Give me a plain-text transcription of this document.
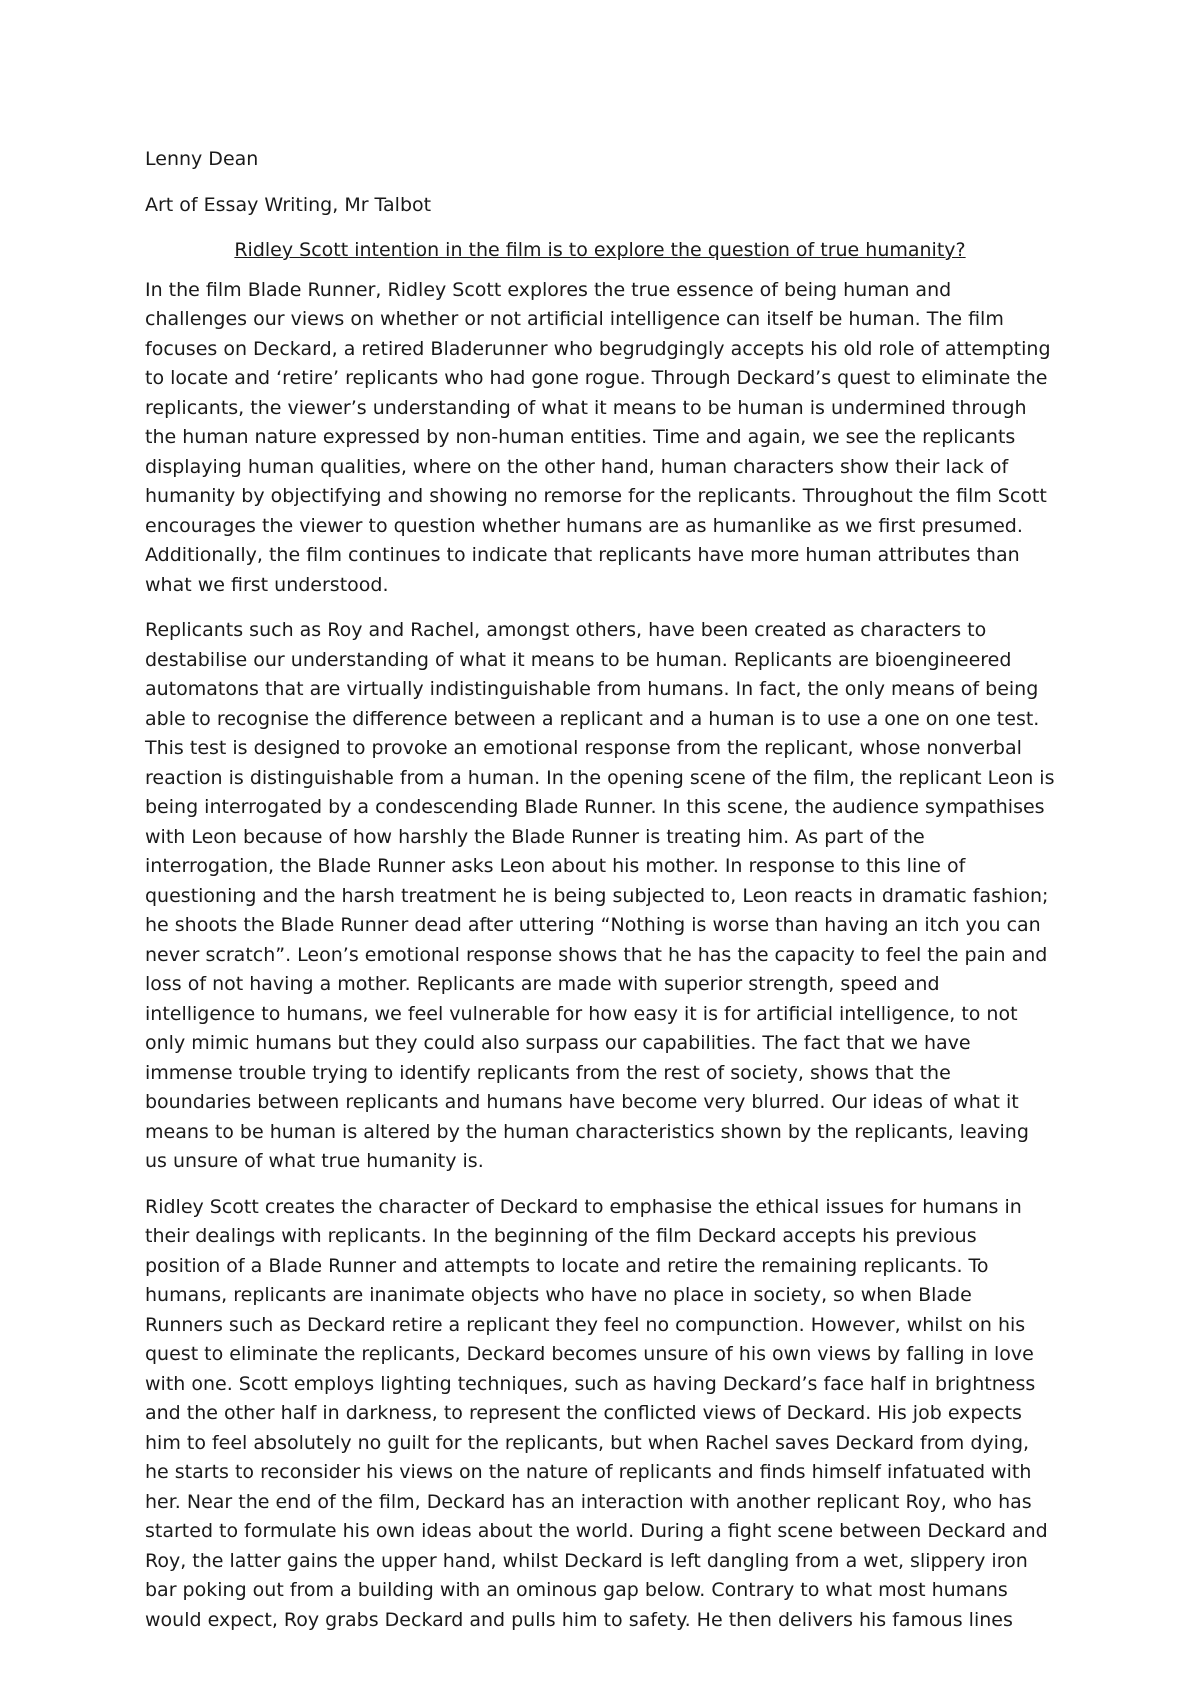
Lenny Dean

Art of Essay Writing, Mr Talbot

Ridley Scott intention in the film is to explore the question of true humanity?

In the film Blade Runner, Ridley Scott explores the true essence of being human and challenges our views on whether or not artificial intelligence can itself be human. The film focuses on Deckard, a retired Bladerunner who begrudgingly accepts his old role of attempting to locate and ‘retire’ replicants who had gone rogue. Through Deckard’s quest to eliminate the replicants, the viewer’s understanding of what it means to be human is undermined through the human nature expressed by non-human entities. Time and again, we see the replicants displaying human qualities, where on the other hand, human characters show their lack of humanity by objectifying and showing no remorse for the replicants. Throughout the film Scott encourages the viewer to question whether humans are as humanlike as we first presumed. Additionally, the film continues to indicate that replicants have more human attributes than what we first understood.

Replicants such as Roy and Rachel, amongst others, have been created as characters to destabilise our understanding of what it means to be human. Replicants are bioengineered automatons that are virtually indistinguishable from humans. In fact, the only means of being able to recognise the difference between a replicant and a human is to use a one on one test. This test is designed to provoke an emotional response from the replicant, whose nonverbal reaction is distinguishable from a human. In the opening scene of the film, the replicant Leon is being interrogated by a condescending Blade Runner. In this scene, the audience sympathises with Leon because of how harshly the Blade Runner is treating him. As part of the interrogation, the Blade Runner asks Leon about his mother. In response to this line of questioning and the harsh treatment he is being subjected to, Leon reacts in dramatic fashion; he shoots the Blade Runner dead after uttering “Nothing is worse than having an itch you can never scratch”. Leon’s emotional response shows that he has the capacity to feel the pain and loss of not having a mother. Replicants are made with superior strength, speed and intelligence to humans, we feel vulnerable for how easy it is for artificial intelligence, to not only mimic humans but they could also surpass our capabilities. The fact that we have immense trouble trying to identify replicants from the rest of society, shows that the boundaries between replicants and humans have become very blurred. Our ideas of what it means to be human is altered by the human characteristics shown by the replicants, leaving us unsure of what true humanity is.

Ridley Scott creates the character of Deckard to emphasise the ethical issues for humans in their dealings with replicants. In the beginning of the film Deckard accepts his previous position of a Blade Runner and attempts to locate and retire the remaining replicants. To humans, replicants are inanimate objects who have no place in society, so when Blade Runners such as Deckard retire a replicant they feel no compunction. However, whilst on his quest to eliminate the replicants, Deckard becomes unsure of his own views by falling in love with one. Scott employs lighting techniques, such as having Deckard’s face half in brightness and the other half in darkness, to represent the conflicted views of Deckard. His job expects him to feel absolutely no guilt for the replicants, but when Rachel saves Deckard from dying, he starts to reconsider his views on the nature of replicants and finds himself infatuated with her. Near the end of the film, Deckard has an interaction with another replicant Roy, who has started to formulate his own ideas about the world. During a fight scene between Deckard and Roy, the latter gains the upper hand, whilst Deckard is left dangling from a wet, slippery iron bar poking out from a building with an ominous gap below. Contrary to what most humans would expect, Roy grabs Deckard and pulls him to safety. He then delivers his famous lines
